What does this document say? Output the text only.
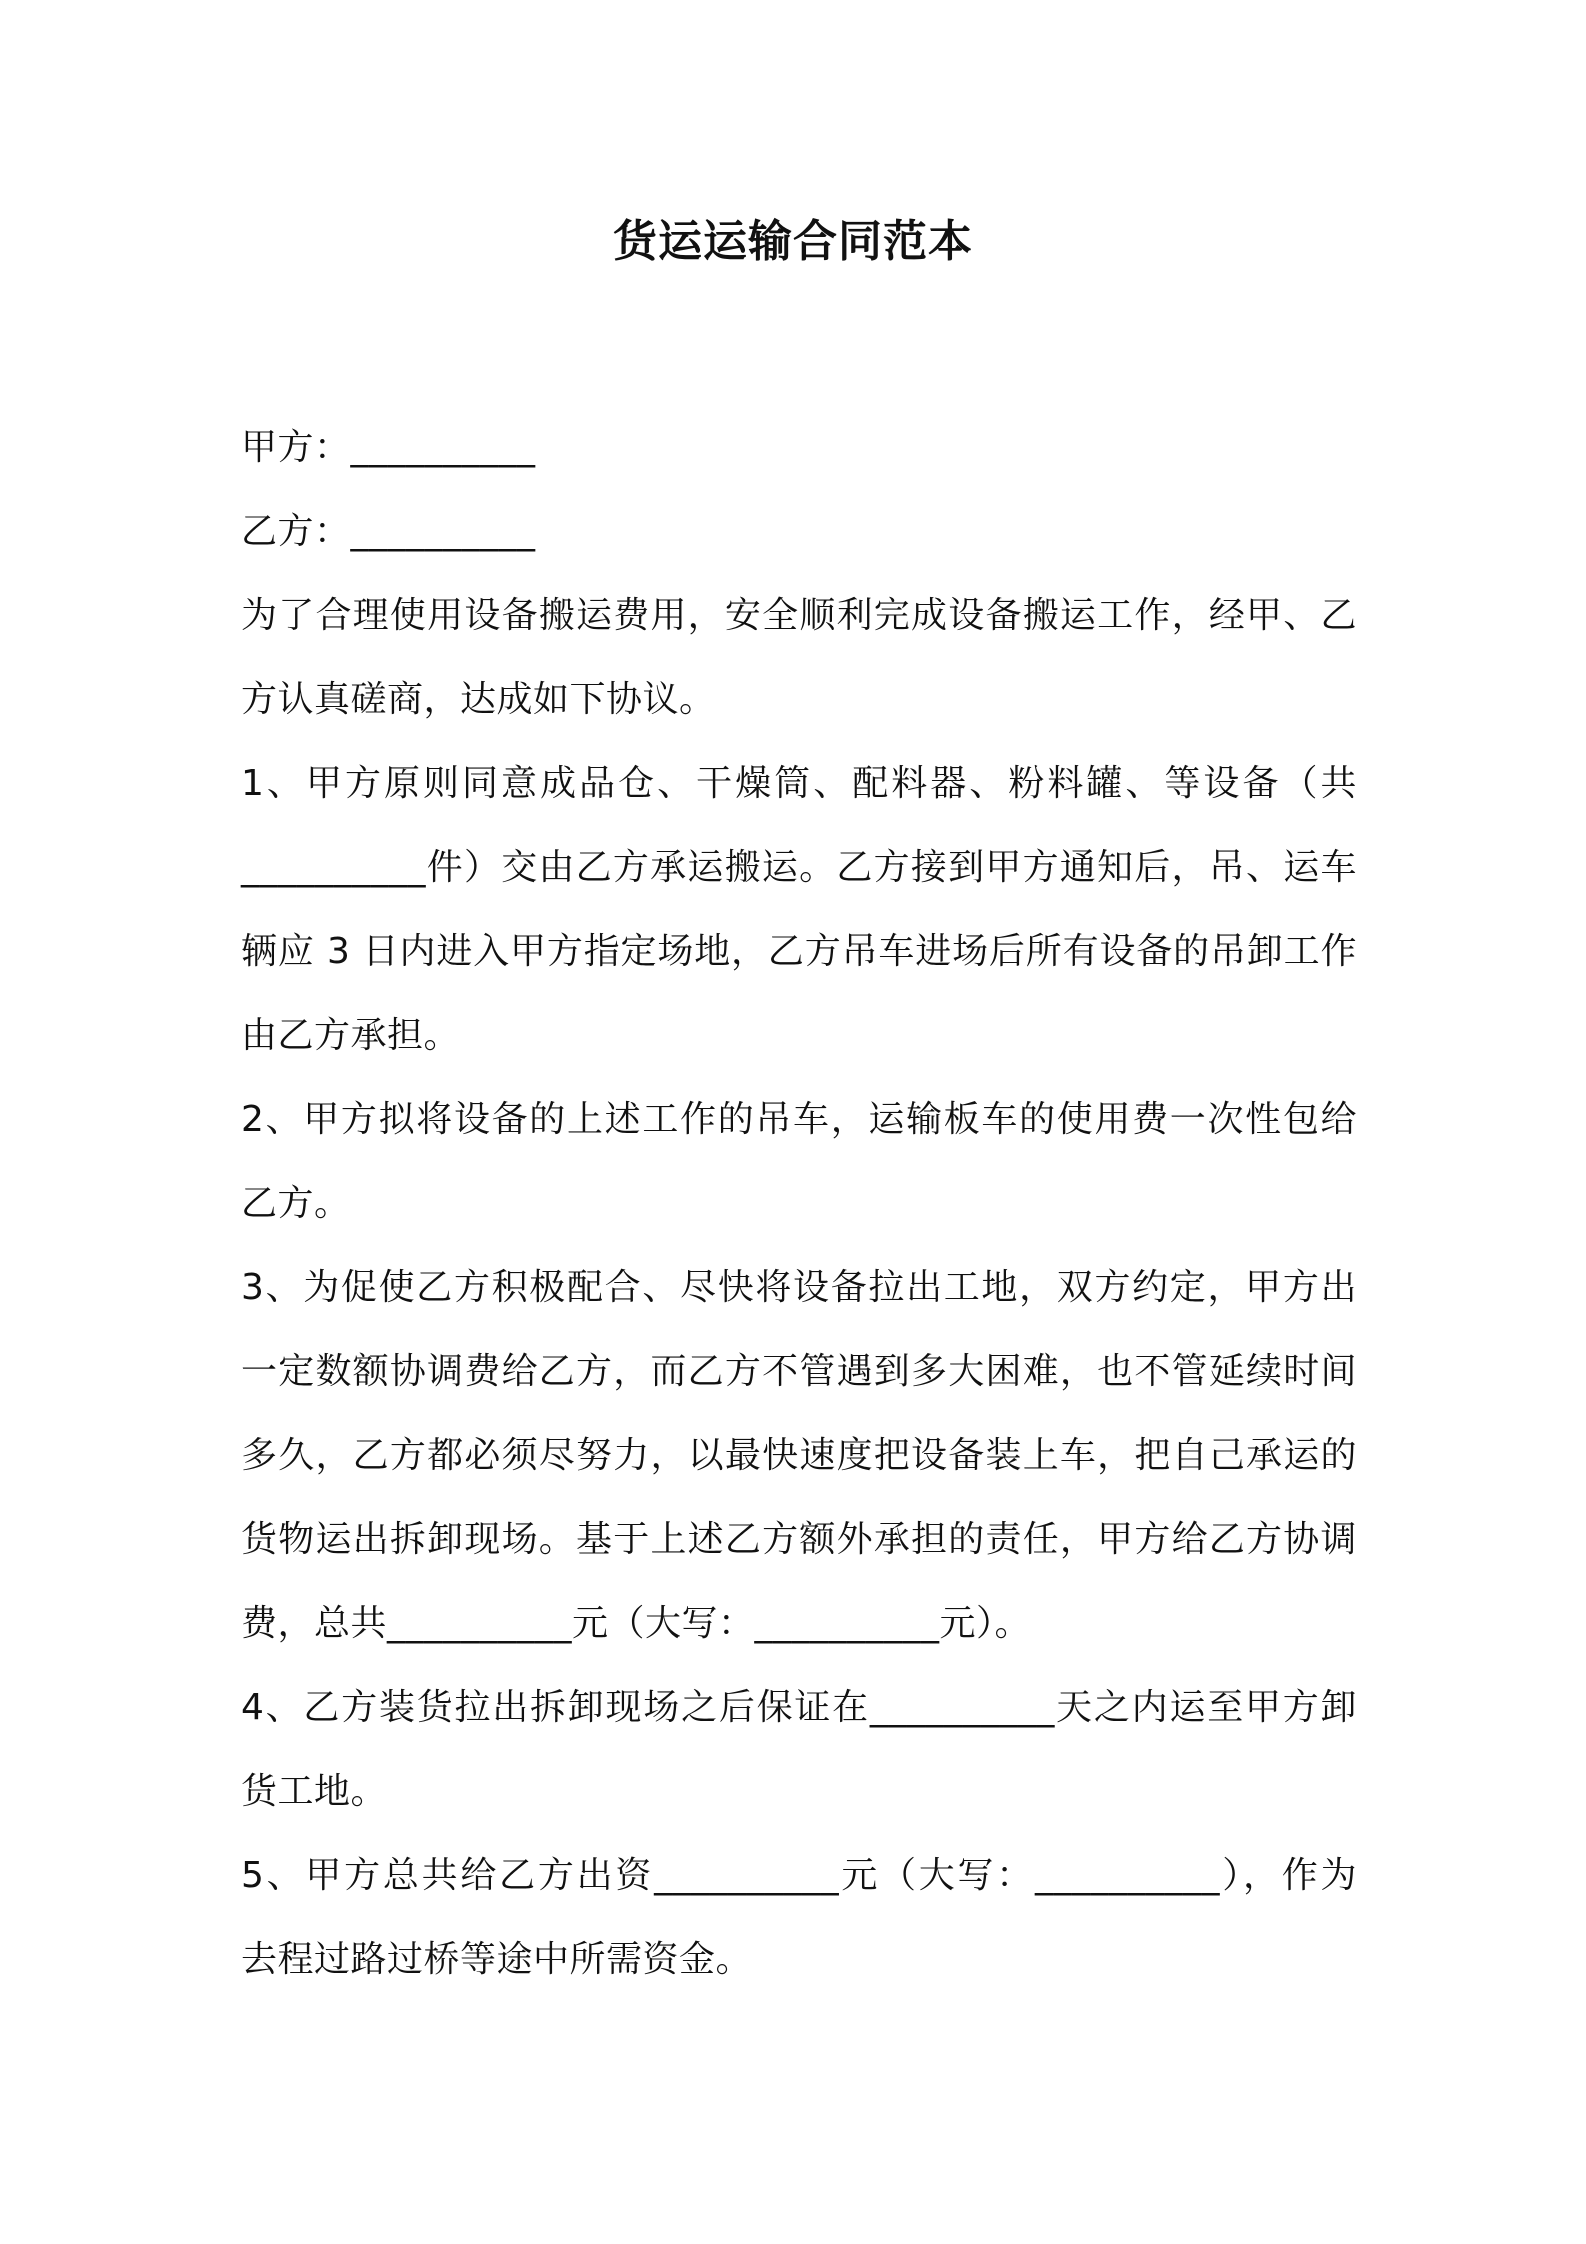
货运运输合同范本
甲方：__________
乙方：__________
为了合理使用设备搬运费用，安全顺利完成设备搬运工作，经甲、乙
方认真磋商，达成如下协议。
1、甲方原则同意成品仓、干燥筒、配料器、粉料罐、等设备（共
__________件）交由乙方承运搬运。乙方接到甲方通知后，吊、运车
辆应 3 日内进入甲方指定场地，乙方吊车进场后所有设备的吊卸工作
由乙方承担。
2、甲方拟将设备的上述工作的吊车，运输板车的使用费一次性包给
乙方。
3、为促使乙方积极配合、尽快将设备拉出工地，双方约定，甲方出
一定数额协调费给乙方，而乙方不管遇到多大困难，也不管延续时间
多久，乙方都必须尽努力，以最快速度把设备装上车，把自己承运的
货物运出拆卸现场。基于上述乙方额外承担的责任，甲方给乙方协调
费，总共__________元（大写：__________元）。
4、乙方装货拉出拆卸现场之后保证在__________天之内运至甲方卸
货工地。
5、甲方总共给乙方出资__________元（大写：__________），作为
去程过路过桥等途中所需资金。
